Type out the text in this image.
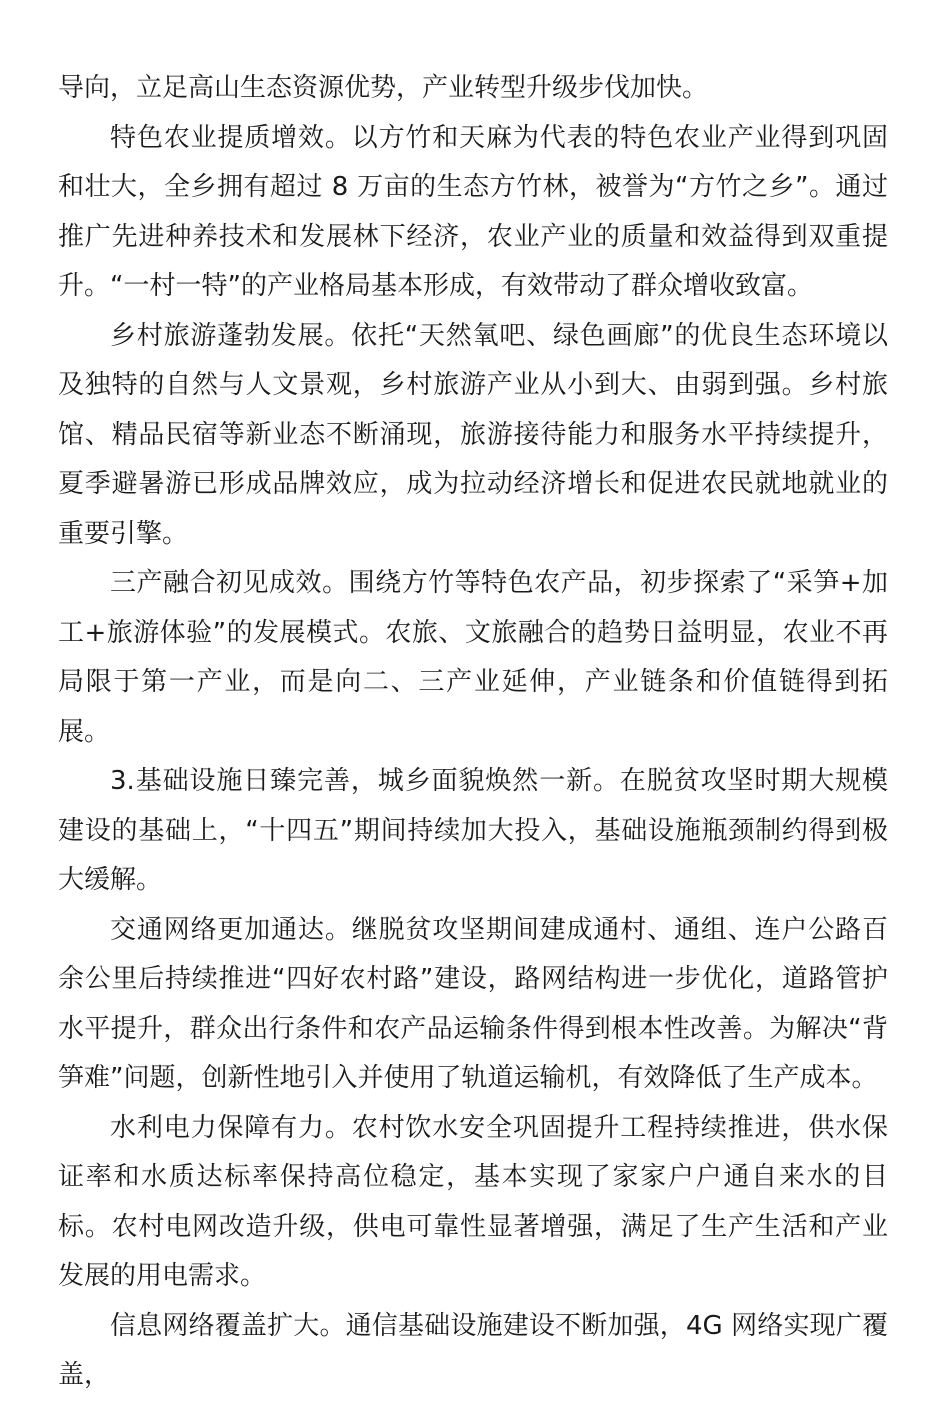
导向，立足高山生态资源优势，产业转型升级步伐加快。

特色农业提质增效。以方竹和天麻为代表的特色农业产业得到巩固和壮大，全乡拥有超过 8 万亩的生态方竹林，被誉为“方竹之乡”。通过推广先进种养技术和发展林下经济，农业产业的质量和效益得到双重提升。“一村一特”的产业格局基本形成，有效带动了群众增收致富。

乡村旅游蓬勃发展。依托“天然氧吧、绿色画廊”的优良生态环境以及独特的自然与人文景观，乡村旅游产业从小到大、由弱到强。乡村旅馆、精品民宿等新业态不断涌现，旅游接待能力和服务水平持续提升，夏季避暑游已形成品牌效应，成为拉动经济增长和促进农民就地就业的重要引擎。

三产融合初见成效。围绕方竹等特色农产品，初步探索了“采笋+加工+旅游体验”的发展模式。农旅、文旅融合的趋势日益明显，农业不再局限于第一产业，而是向二、三产业延伸，产业链条和价值链得到拓展。

3.基础设施日臻完善，城乡面貌焕然一新。在脱贫攻坚时期大规模建设的基础上，“十四五”期间持续加大投入，基础设施瓶颈制约得到极大缓解。

交通网络更加通达。继脱贫攻坚期间建成通村、通组、连户公路百余公里后持续推进“四好农村路”建设，路网结构进一步优化，道路管护水平提升，群众出行条件和农产品运输条件得到根本性改善。为解决“背笋难”问题，创新性地引入并使用了轨道运输机，有效降低了生产成本。

水利电力保障有力。农村饮水安全巩固提升工程持续推进，供水保证率和水质达标率保持高位稳定，基本实现了家家户户通自来水的目标。农村电网改造升级，供电可靠性显著增强，满足了生产生活和产业发展的用电需求。

信息网络覆盖扩大。通信基础设施建设不断加强，4G 网络实现广覆盖，
